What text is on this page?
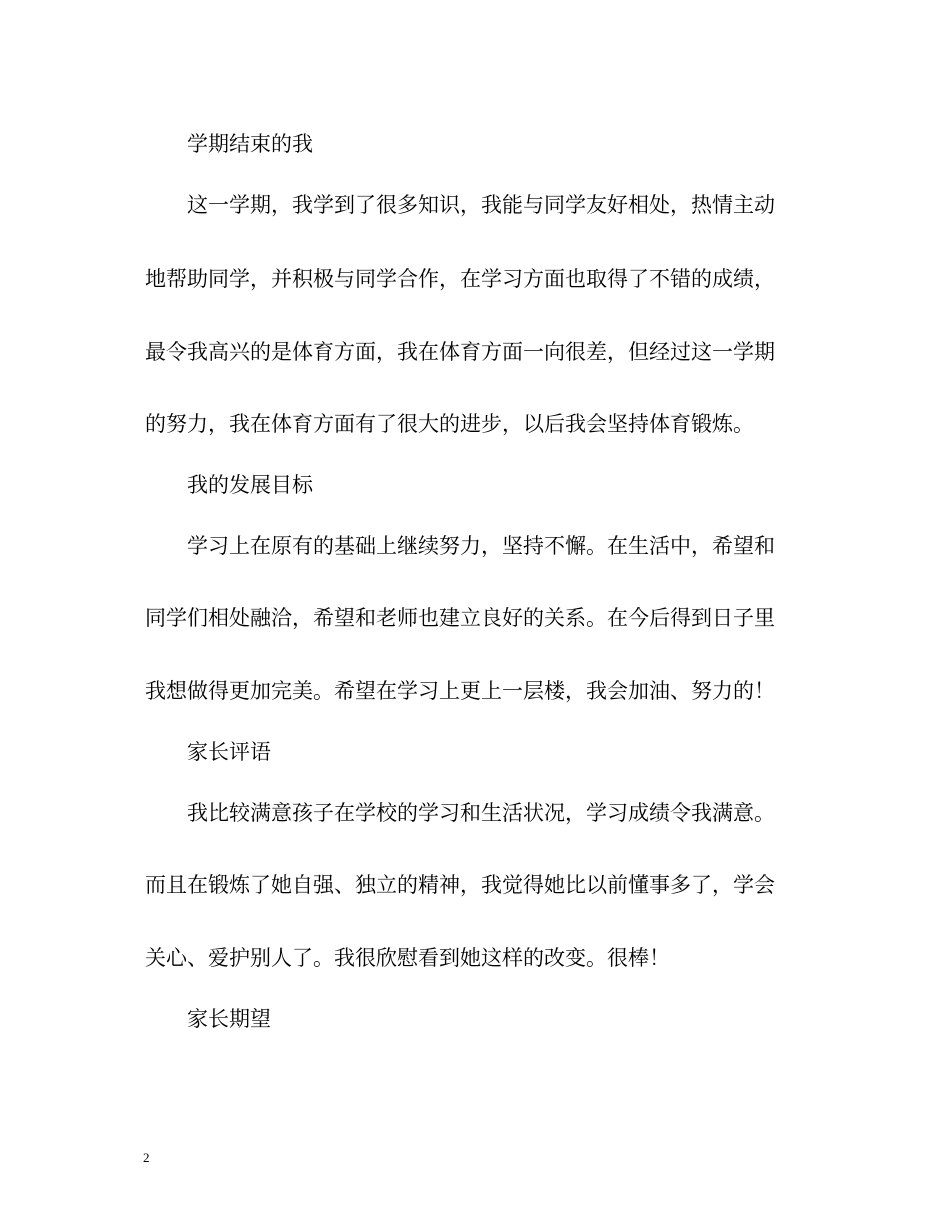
学期结束的我
这一学期，我学到了很多知识，我能与同学友好相处，热情主动
地帮助同学，并积极与同学合作，在学习方面也取得了不错的成绩，
最令我高兴的是体育方面，我在体育方面一向很差，但经过这一学期
的努力，我在体育方面有了很大的进步，以后我会坚持体育锻炼。
我的发展目标
学习上在原有的基础上继续努力，坚持不懈。在生活中，希望和
同学们相处融洽，希望和老师也建立良好的关系。在今后得到日子里
我想做得更加完美。希望在学习上更上一层楼，我会加油、努力的！
家长评语
我比较满意孩子在学校的学习和生活状况，学习成绩令我满意。
而且在锻炼了她自强、独立的精神，我觉得她比以前懂事多了，学会
关心、爱护别人了。我很欣慰看到她这样的改变。很棒！
家长期望
2
